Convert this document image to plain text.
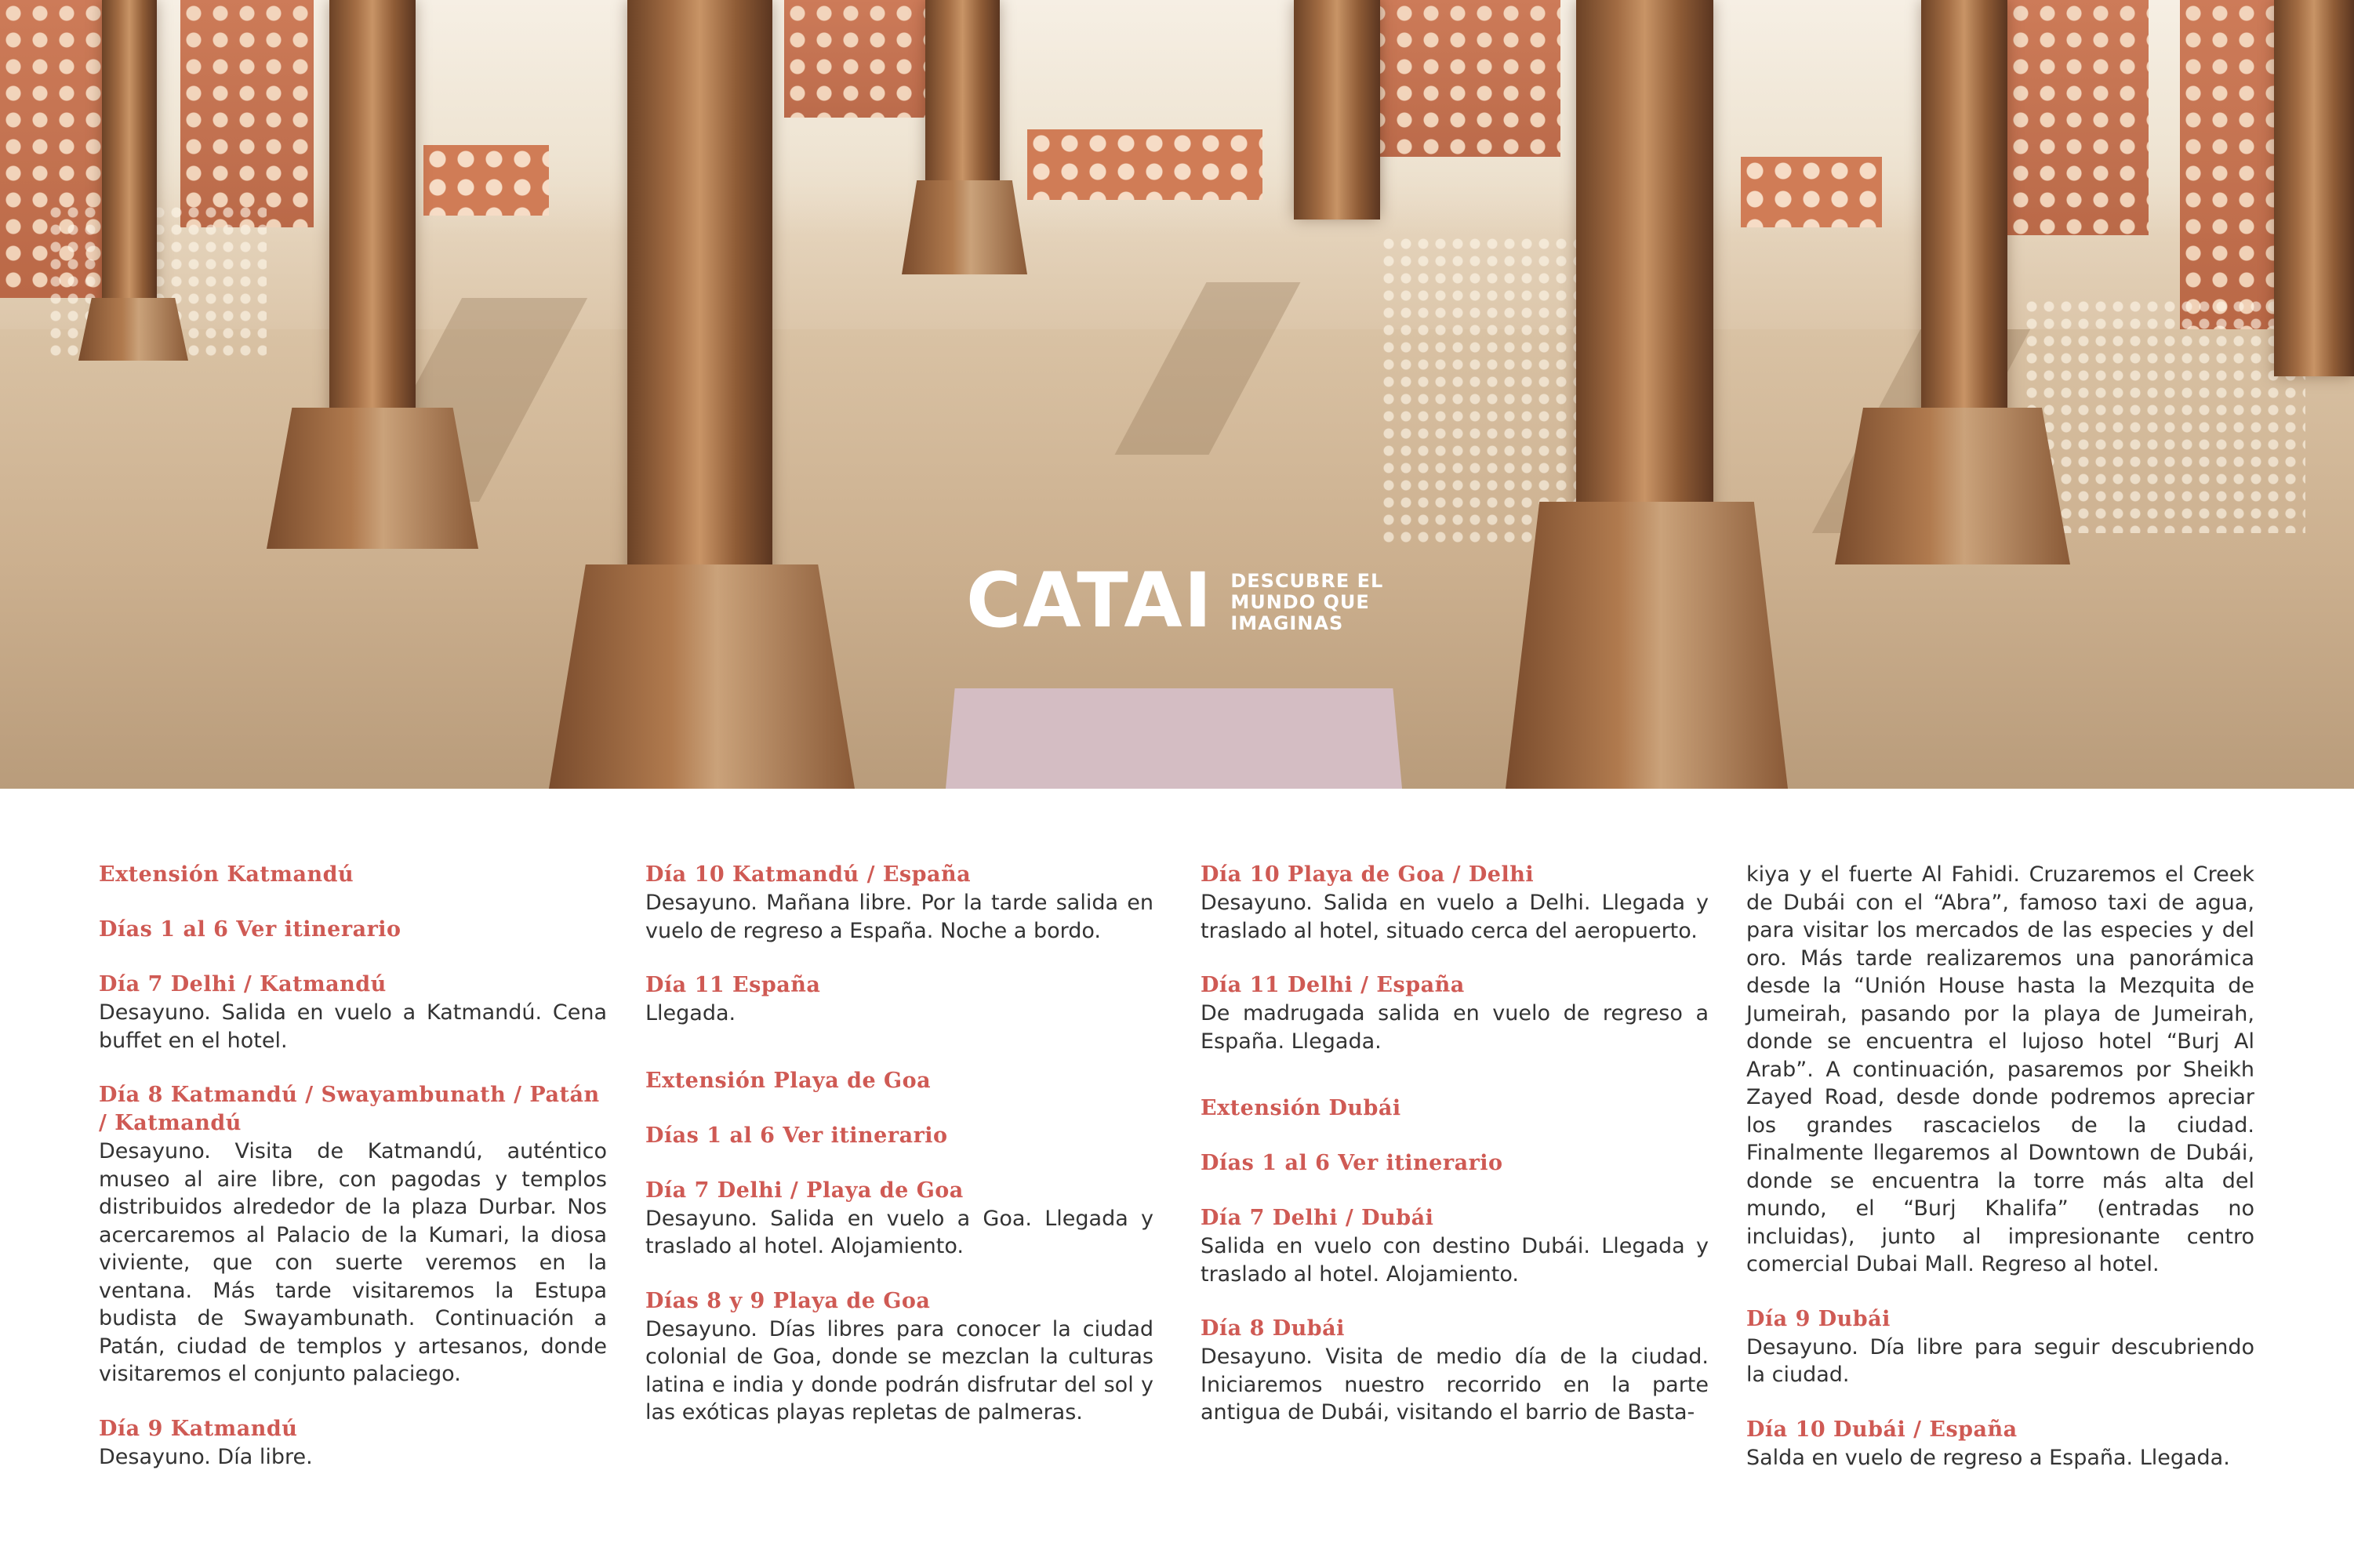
CATAI DESCUBRE EL
MUNDO QUE
IMAGINAS
Extensión Katmandú
Días 1 al 6 Ver itinerario
Día 7 Delhi / Katmandú
Desayuno. Salida en vuelo a Katmandú. Cena buffet en el hotel.
Día 8 Katmandú / Swayambunath / Patán / Katmandú
Desayuno. Visita de Katmandú, auténtico museo al aire libre, con pagodas y templos distribuidos alrededor de la plaza Durbar. Nos acercaremos al Palacio de la Kumari, la diosa viviente, que con suerte veremos en la ventana. Más tarde visitaremos la Estupa budista de Swayambunath. Continuación a Patán, ciudad de templos y artesanos, donde visitaremos el conjunto palaciego.
Día 9 Katmandú
Desayuno. Día libre.
Día 10 Katmandú / España
Desayuno. Mañana libre. Por la tarde salida en vuelo de regreso a España. Noche a bordo.
Día 11 España
Llegada.
Extensión Playa de Goa
Días 1 al 6 Ver itinerario
Día 7 Delhi / Playa de Goa
Desayuno. Salida en vuelo a Goa. Llegada y traslado al hotel. Alojamiento.
Días 8 y 9 Playa de Goa
Desayuno. Días libres para conocer la ciudad colonial de Goa, donde se mezclan la culturas latina e india y donde podrán disfrutar del sol y las exóticas playas repletas de palmeras.
Día 10 Playa de Goa / Delhi
Desayuno. Salida en vuelo a Delhi. Llegada y traslado al hotel, situado cerca del aeropuerto.
Día 11 Delhi / España
De madrugada salida en vuelo de regreso a España. Llegada.
Extensión Dubái
Días 1 al 6 Ver itinerario
Día 7 Delhi / Dubái
Salida en vuelo con destino Dubái. Llegada y traslado al hotel. Alojamiento.
Día 8 Dubái
Desayuno. Visita de medio día de la ciudad. Iniciaremos nuestro recorrido en la parte antigua de Dubái, visitando el barrio de Basta-
kiya y el fuerte Al Fahidi. Cruzaremos el Creek de Dubái con el “Abra”, famoso taxi de agua, para visitar los mercados de las especies y del oro. Más tarde realizaremos una panorámica desde la “Unión House hasta la Mezquita de Jumeirah, pasando por la playa de Jumeirah, donde se encuentra el lujoso hotel “Burj Al Arab”. A continuación, pasaremos por Sheikh Zayed Road, desde donde podremos apreciar los grandes rascacielos de la ciudad. Finalmente llegaremos al Downtown de Dubái, donde se encuentra la torre más alta del mundo, el “Burj Khalifa” (entradas no incluidas), junto al impresionante centro comercial Dubai Mall. Regreso al hotel.
Día 9 Dubái
Desayuno. Día libre para seguir descubriendo la ciudad.
Día 10 Dubái / España
Salda en vuelo de regreso a España. Llegada.
